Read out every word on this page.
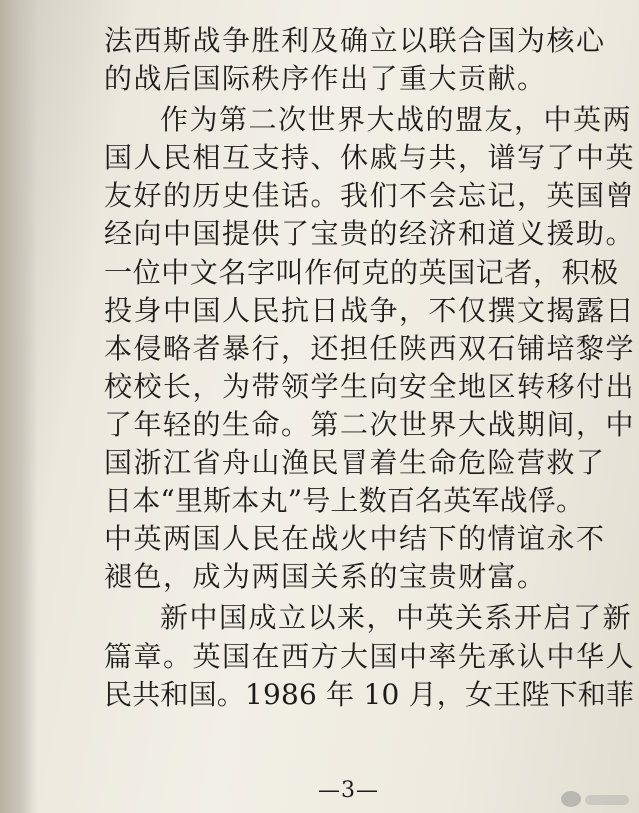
法西斯战争胜利及确立以联合国为核心
的战后国际秩序作出了重大贡献。
作为第二次世界大战的盟友，中英两
国人民相互支持、休戚与共，谱写了中英
友好的历史佳话。我们不会忘记，英国曾
经向中国提供了宝贵的经济和道义援助。
一位中文名字叫作何克的英国记者，积极
投身中国人民抗日战争，不仅撰文揭露日
本侵略者暴行，还担任陕西双石铺培黎学
校校长，为带领学生向安全地区转移付出
了年轻的生命。第二次世界大战期间，中
国浙江省舟山渔民冒着生命危险营救了
日本“里斯本丸”号上数百名英军战俘。
中英两国人民在战火中结下的情谊永不
褪色，成为两国关系的宝贵财富。
新中国成立以来，中英关系开启了新
篇章。英国在西方大国中率先承认中华人
民共和国。1986 年 10 月，女王陛下和菲
—3—
